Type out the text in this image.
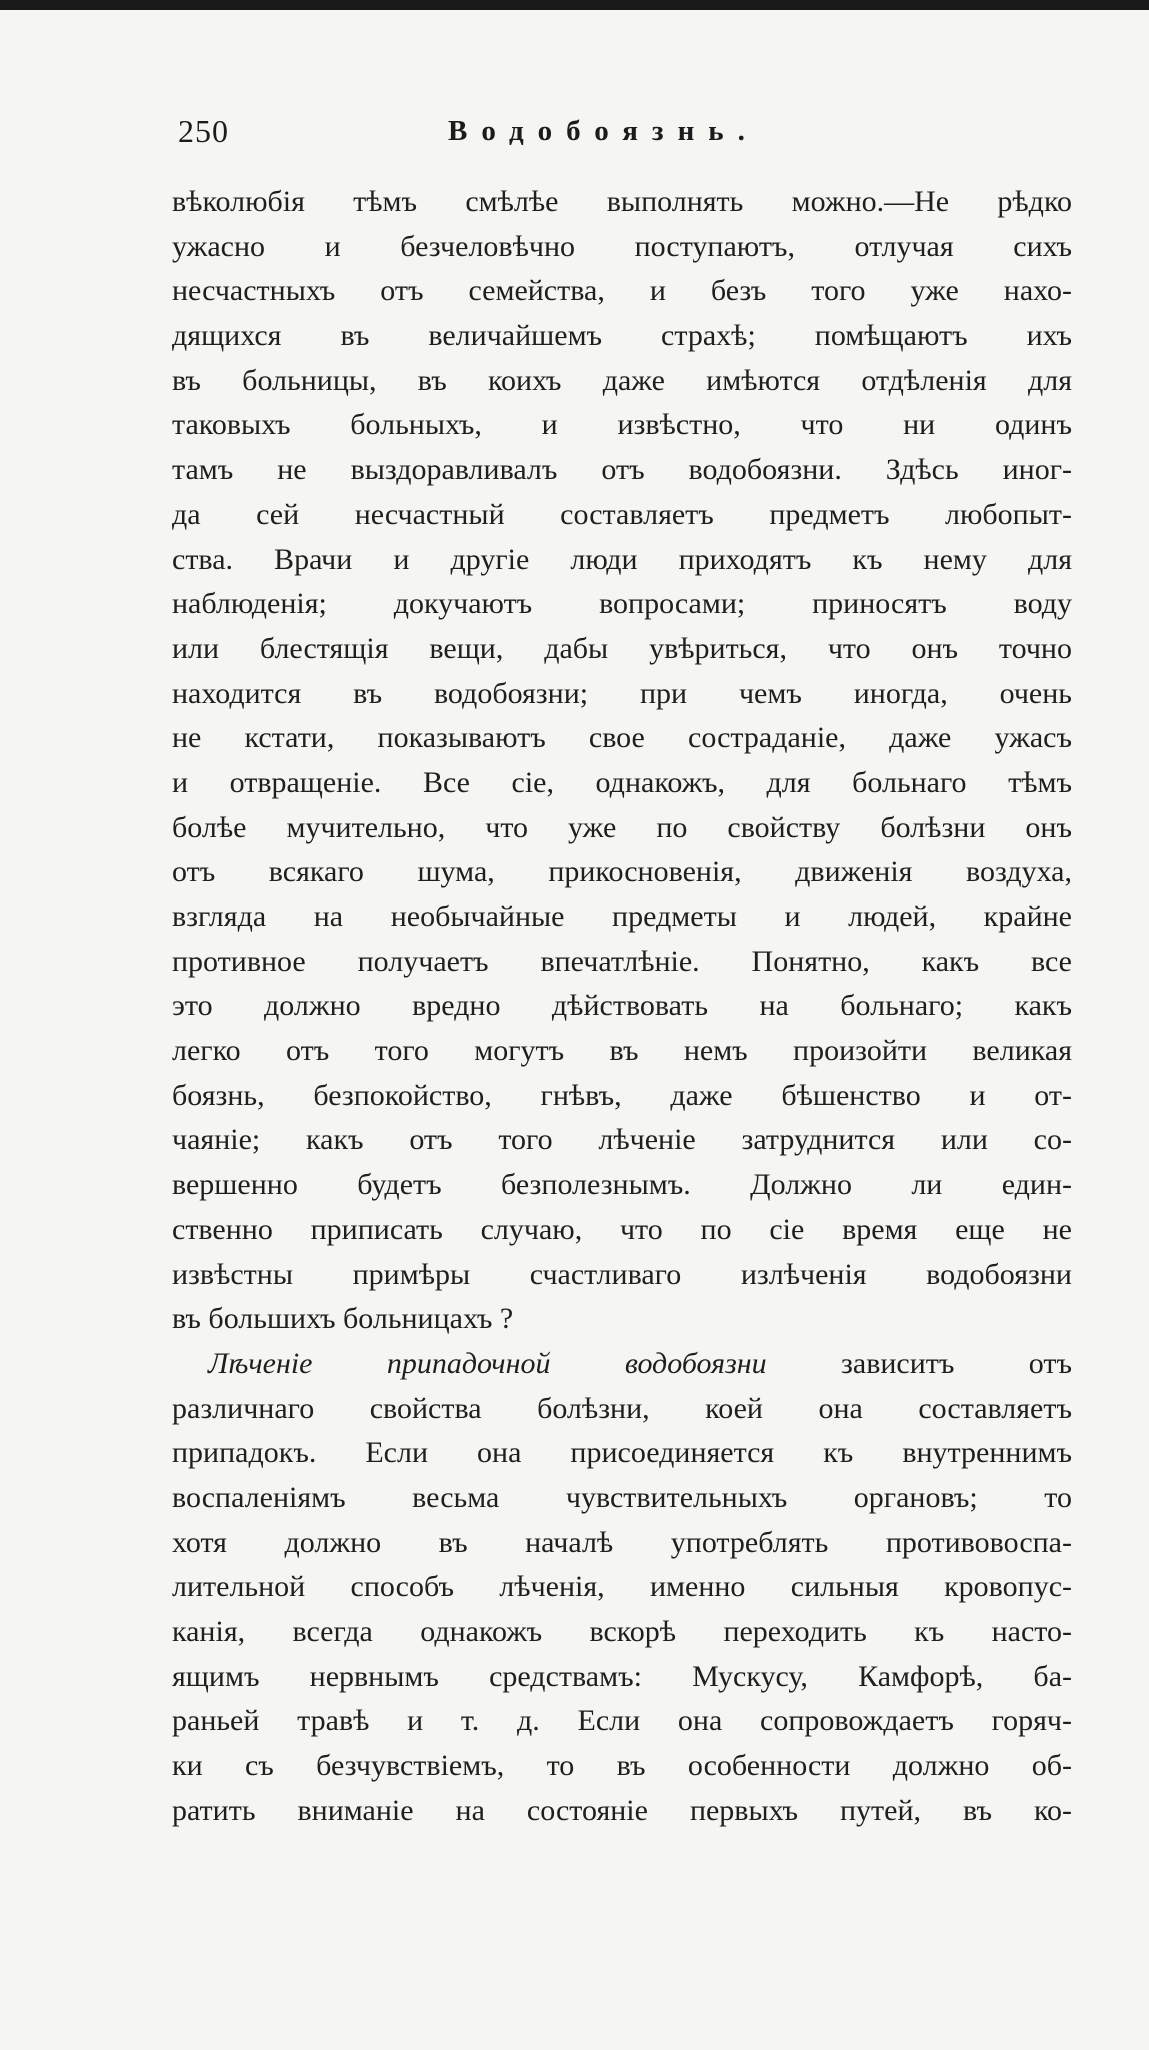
250	Водобоязнь.
вѣколюбія тѣмъ смѣлѣе выполнять можно.—Не рѣдко
ужасно и безчеловѣчно поступаютъ, отлучая сихъ
несчастныхъ отъ семейства, и безъ того уже нахо-
дящихся въ величайшемъ страхѣ; помѣщаютъ ихъ
въ больницы, въ коихъ даже имѣются отдѣленія для
таковыхъ больныхъ, и извѣстно, что ни одинъ
тамъ не выздоравливалъ отъ водобоязни. Здѣсь иног-
да сей несчастный составляетъ предметъ любопыт-
ства. Врачи и другіе люди приходятъ къ нему для
наблюденія; докучаютъ вопросами; приносятъ воду
или блестящія вещи, дабы увѣриться, что онъ точно
находится въ водобоязни; при чемъ иногда, очень
не кстати, показываютъ свое состраданіе, даже ужасъ
и отвращеніе. Все сіе, однакожъ, для больнаго тѣмъ
болѣе мучительно, что уже по свойству болѣзни онъ
отъ всякаго шума, прикосновенія, движенія воздуха,
взгляда на необычайные предметы и людей, крайне
противное получаетъ впечатлѣніе. Понятно, какъ все
это должно вредно дѣйствовать на больнаго; какъ
легко отъ того могутъ въ немъ произойти великая
боязнь, безпокойство, гнѣвъ, даже бѣшенство и от-
чаяніе; какъ отъ того лѣченіе затруднится или со-
вершенно будетъ безполезнымъ. Должно ли един-
ственно приписать случаю, что по сіе время еще не
извѣстны примѣры счастливаго излѣченія водобоязни
въ большихъ больницахъ ?
Лѣченіе припадочной водобоязни зависитъ отъ
различнаго свойства болѣзни, коей она составляетъ
припадокъ. Если она присоединяется къ внутреннимъ
воспаленіямъ весьма чувствительныхъ органовъ; то
хотя должно въ началѣ употреблять противовоспа-
лительной способъ лѣченія, именно сильныя кровопус-
канія, всегда однакожъ вскорѣ переходить къ насто-
ящимъ нервнымъ средствамъ: Мускусу, Камфорѣ, ба-
раньей травѣ и т. д. Если она сопровождаетъ горяч-
ки съ безчувствіемъ, то въ особенности должно об-
ратить вниманіе на состояніе первыхъ путей, въ ко-
